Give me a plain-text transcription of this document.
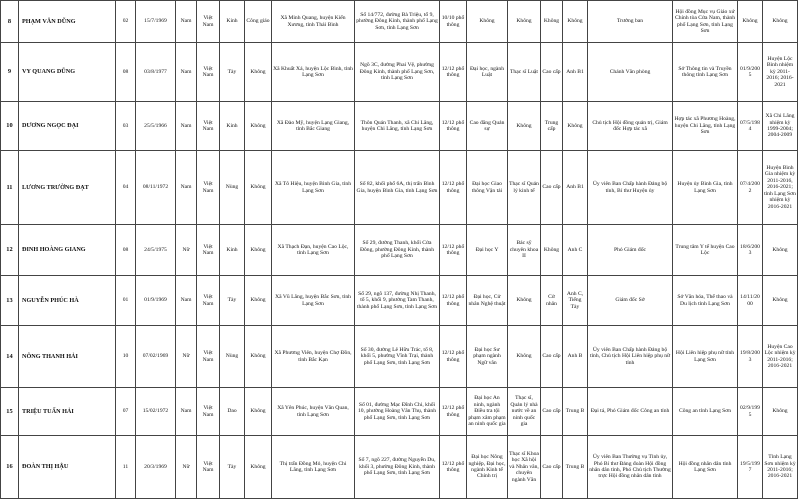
8	PHẠM VĂN DŨNG	02	15/7/1969	Nam	Việt Nam	Kinh	Công giáo	Xã Minh Quang, huyện Kiến Xương, tỉnh Thái Bình	Số 14/772, đường Bà Triệu, tổ 9, phường Đông Kinh, thành phố Lạng Sơn, tỉnh Lạng Sơn	10/10 phổ thông	Không	Không	Không	Không	Trưởng ban	Hội đồng Mục vụ Giáo xứ Chính tòa Cửa Nam, thành phố Lạng Sơn, tỉnh Lạng Sơn	Không	Không
9	VY QUANG DŨNG	08	03/8/1977	Nam	Việt Nam	Tày	Không	Xã Khuất Xá, huyện Lộc Bình, tỉnh Lạng Sơn	Ngõ 3C, đường Phai Vệ, phường Đông Kinh, thành phố Lạng Sơn, tỉnh Lạng Sơn	12/12 phổ thông	Đại học, ngành Luật	Thạc sĩ Luật	Cao cấp	Anh B1	Chánh Văn phòng	Sở Thông tin và Truyền thông tỉnh Lạng Sơn	01/9/2005	Huyện Lộc Bình nhiệm kỳ 2011-2016; 2016-2021
10	DƯƠNG NGỌC ĐẠI	03	25/5/1966	Nam	Việt Nam	Kinh	Không	Xã Đào Mỹ, huyện Lạng Giang, tỉnh Bắc Giang	Thôn Quán Thanh, xã Chi Lăng, huyện Chi Lăng, tỉnh Lạng Sơn	12/12 phổ thông	Cao đẳng Quản sự	Không	Trung cấp	Không	Chủ tịch Hội đồng quản trị, Giám đốc Hợp tác xã	Hợp tác xã Phương Hoàng, huyện Chi Lăng, tỉnh Lạng Sơn	07/5/1984	Xã Chi Lăng nhiệm kỳ 1999-2004; 2004-2009
11	LƯƠNG TRƯỜNG ĐẠT	04	08/11/1972	Nam	Việt Nam	Nùng	Không	Xã Tô Hiệu, huyện Bình Gia, tỉnh Lạng Sơn	Số 82, khối phố 6A, thị trấn Bình Gia, huyện Bình Gia, tỉnh Lạng Sơn	12/12 phổ thông	Đại học Giao thông Vận tải	Thạc sĩ Quản lý kinh tế	Cao cấp	Anh B1	Ủy viên Ban Chấp hành Đảng bộ tỉnh, Bí thư Huyện ủy	Huyện ủy Bình Gia, tỉnh Lạng Sơn	07/4/2002	Huyện Bình Gia nhiệm kỳ 2011-2016, 2016-2021; tỉnh Lạng Sơn nhiệm kỳ 2016-2021
12	ĐINH HOÀNG GIANG	08	24/5/1975	Nữ	Việt Nam	Kinh	Không	Xã Thạch Đạn, huyện Cao Lộc, tỉnh Lạng Sơn	Số 29, đường Thanh, khối Cửa Đông, phường Đông Kinh, thành phố Lạng Sơn	12/12 phổ thông	Đại học Y	Bác sỹ chuyên khoa II	Không	Anh C	Phó Giám đốc	Trung tâm Y tế huyện Cao Lộc	18/6/2003	Không
13	NGUYỄN PHÚC HÀ	01	01/9/1969	Nam	Việt Nam	Tày	Không	Xã Vũ Lăng, huyện Bắc Sơn, tỉnh Lạng Sơn	Số 29, ngõ 137, đường Nhị Thanh, tổ 5, khối 9, phường Tam Thanh, thành phố Lạng Sơn, tỉnh Lạng Sơn	12/12 phổ thông	Đại học, Cử nhân Nghệ thuật	Không	Cử nhân	Anh C, Tiếng Tày	Giám đốc Sở	Sở Văn hóa, Thể thao và Du lịch tỉnh Lạng Sơn	14/11/2000	Không
14	NÔNG THANH HẢI	10	07/02/1969	Nữ	Việt Nam	Nùng	Không	Xã Phương Viên, huyện Chợ Đồn, tỉnh Bắc Kạn	Số 30, đường Lê Hữu Trác, tổ 8, khối 5, phường Vĩnh Trại, thành phố Lạng Sơn, tỉnh Lạng Sơn	12/12 phổ thông	Đại học Sư phạm ngành Ngữ văn	Không	Cao cấp	Anh B	Ủy viên Ban Chấp hành Đảng bộ tỉnh, Chủ tịch Hội Liên hiệp phụ nữ tỉnh	Hội Liên hiệp phụ nữ tỉnh Lạng Sơn	19/8/2003	Huyện Cao Lộc nhiệm kỳ 2011-2016; 2016-2021
15	TRIỆU TUẤN HẢI	07	15/02/1972	Nam	Việt Nam	Dao	Không	Xã Yên Phúc, huyện Văn Quan, tỉnh Lạng Sơn	Số 01, đường Mạc Đĩnh Chi, khối 10, phường Hoàng Văn Thụ, thành phố Lạng Sơn, tỉnh Lạng Sơn	12/12 phổ thông	Đại học An ninh, ngành Điều tra tội phạm xâm phạm an ninh quốc gia	Thạc sĩ, Quản lý nhà nước về an ninh quốc gia	Cao cấp	Trung B	Đại tá, Phó Giám đốc Công an tỉnh	Công an tỉnh Lạng Sơn	02/9/1995	Không
16	ĐOÀN THỊ HẬU	11	20/3/1969	Nữ	Việt Nam	Tày	Không	Thị trấn Đồng Mỏ, huyện Chi Lăng, tỉnh Lạng Sơn	Số 7, ngõ 227, đường Nguyễn Du, khối 3, phường Đông Kinh, thành phố Lạng Sơn, tỉnh Lạng Sơn	12/12 phổ thông	Đại học Nông nghiệp, Đại học, ngành Kinh tế Chính trị	Thạc sĩ Khoa học Xã hội và Nhân văn, chuyên ngành Văn	Cao cấp	Trung B	Ủy viên Ban Thường vụ Tỉnh ủy, Phó Bí thư Đảng đoàn Hội đồng nhân dân tỉnh, Phó Chủ tịch Thường trực Hội đồng nhân dân tỉnh	Hội đồng nhân dân tỉnh Lạng Sơn	19/5/1997	Tỉnh Lạng Sơn nhiệm kỳ 2011-2016; 2016-2021
